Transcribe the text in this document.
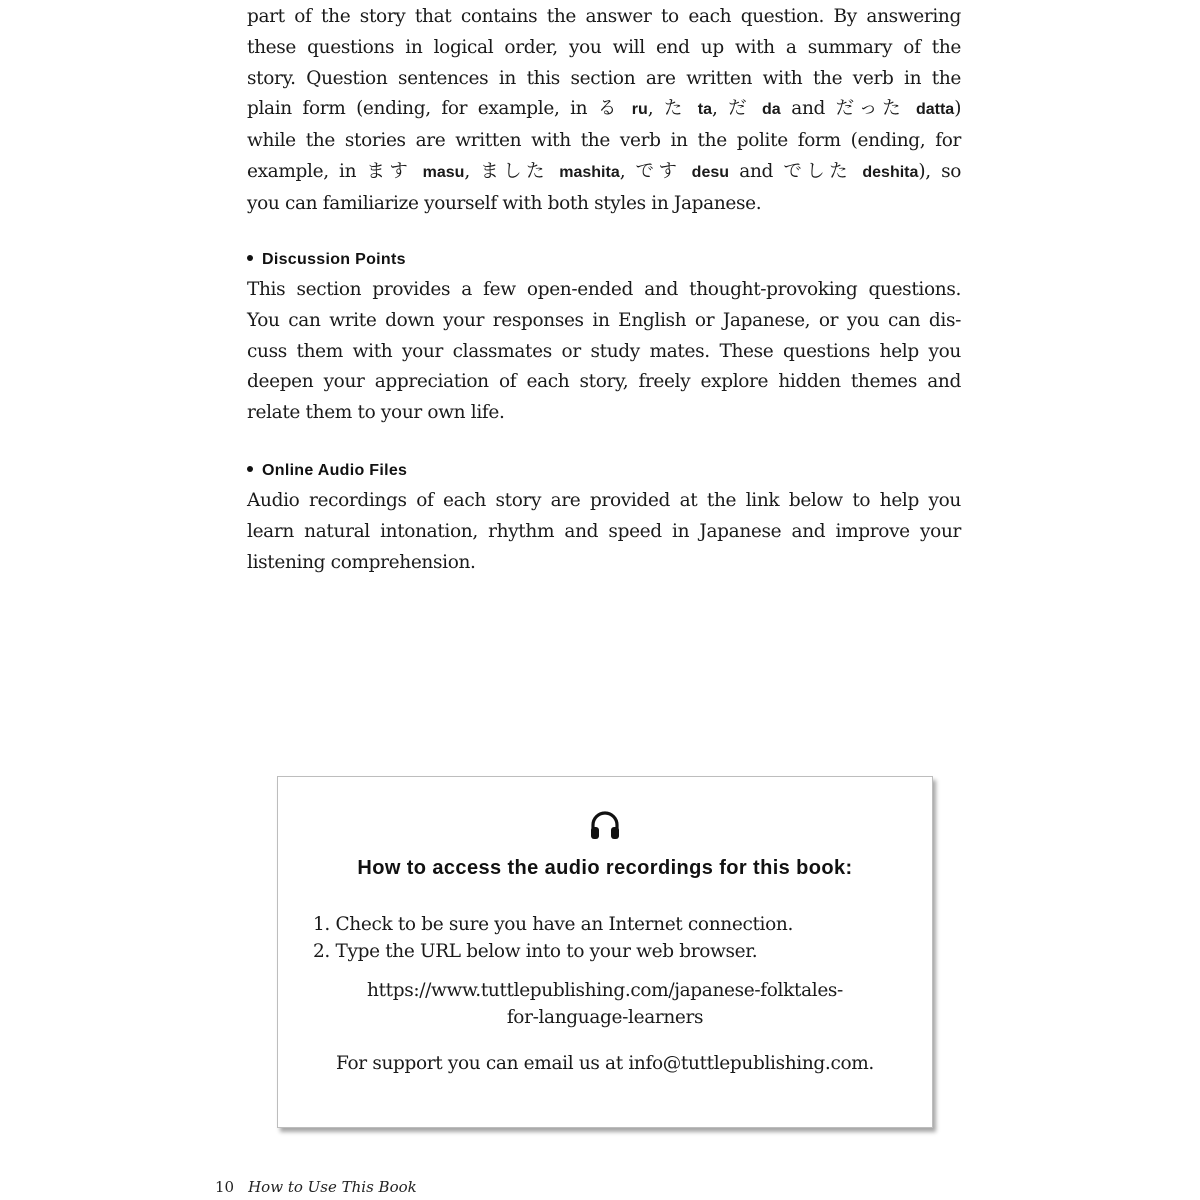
part of the story that contains the answer to each question. By answering
these questions in logical order, you will end up with a summary of the
story. Question sentences in this section are written with the verb in the
plain form (ending, for example, in る ru, た ta, だ da and だった datta)
while the stories are written with the verb in the polite form (ending, for
example, in ます masu, ました mashita, です desu and でした deshita), so
you can familiarize yourself with both styles in Japanese.
Discussion Points
This section provides a few open-ended and thought-provoking questions.
You can write down your responses in English or Japanese, or you can dis-
cuss them with your classmates or study mates. These questions help you
deepen your appreciation of each story, freely explore hidden themes and
relate them to your own life.
Online Audio Files
Audio recordings of each story are provided at the link below to help you
learn natural intonation, rhythm and speed in Japanese and improve your
listening comprehension.
How to access the audio recordings for this book:
1. Check to be sure you have an Internet connection.
2. Type the URL below into to your web browser.
https://www.tuttlepublishing.com/japanese-folktales-
for-language-learners
For support you can email us at info@tuttlepublishing.com.
10 How to Use This Book
